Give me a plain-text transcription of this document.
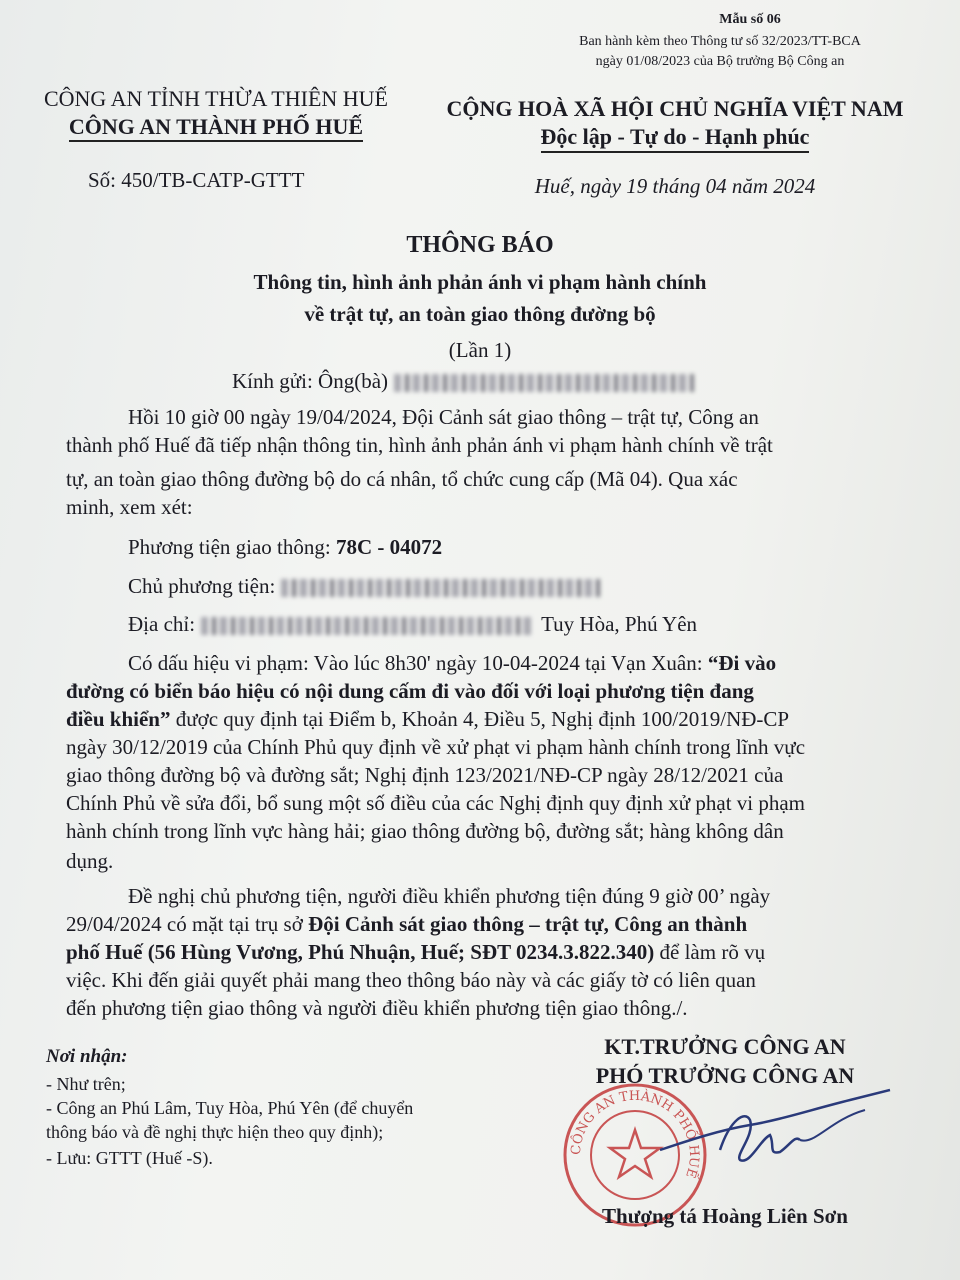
Mẫu số 06
Ban hành kèm theo Thông tư số 32/2023/TT-BCA
ngày 01/08/2023 của Bộ trưởng Bộ Công an
CÔNG AN TỈNH THỪA THIÊN HUẾ
CÔNG AN THÀNH PHỐ HUẾ
Số: 450/TB-CATP-GTTT
CỘNG HOÀ XÃ HỘI CHỦ NGHĨA VIỆT NAM
Độc lập - Tự do - Hạnh phúc
Huế, ngày 19 tháng 04 năm 2024
THÔNG BÁO
Thông tin, hình ảnh phản ánh vi phạm hành chính
về trật tự, an toàn giao thông đường bộ
(Lần 1)
Kính gửi: Ông(bà)
Hồi 10 giờ 00 ngày 19/04/2024, Đội Cảnh sát giao thông – trật tự, Công an
thành phố Huế đã tiếp nhận thông tin, hình ảnh phản ánh vi phạm hành chính về trật
tự, an toàn giao thông đường bộ do cá nhân, tổ chức cung cấp (Mã 04). Qua xác
minh, xem xét:
Phương tiện giao thông: 78C - 04072
Chủ phương tiện:
Địa chỉ:	Tuy Hòa, Phú Yên
Có dấu hiệu vi phạm: Vào lúc 8h30' ngày 10-04-2024 tại Vạn Xuân: “Đi vào
đường có biển báo hiệu có nội dung cấm đi vào đối với loại phương tiện đang
điều khiển” được quy định tại Điểm b, Khoản 4, Điều 5, Nghị định 100/2019/NĐ-CP
ngày 30/12/2019 của Chính Phủ quy định về xử phạt vi phạm hành chính trong lĩnh vực
giao thông đường bộ và đường sắt; Nghị định 123/2021/NĐ-CP ngày 28/12/2021 của
Chính Phủ về sửa đổi, bổ sung một số điều của các Nghị định quy định xử phạt vi phạm
hành chính trong lĩnh vực hàng hải; giao thông đường bộ, đường sắt; hàng không dân
dụng.
Đề nghị chủ phương tiện, người điều khiển phương tiện đúng 9 giờ 00’ ngày
29/04/2024 có mặt tại trụ sở Đội Cảnh sát giao thông – trật tự, Công an thành
phố Huế (56 Hùng Vương, Phú Nhuận, Huế; SĐT 0234.3.822.340) để làm rõ vụ
việc. Khi đến giải quyết phải mang theo thông báo này và các giấy tờ có liên quan
đến phương tiện giao thông và người điều khiển phương tiện giao thông./.
Nơi nhận:
- Như trên;
- Công an Phú Lâm, Tuy Hòa, Phú Yên (để chuyển
thông báo và đề nghị thực hiện theo quy định);
- Lưu: GTTT (Huế -S).
KT.TRƯỞNG CÔNG AN
PHÓ TRƯỞNG CÔNG AN
CÔNG AN THÀNH PHỐ HUẾ
Thượng tá Hoàng Liên Sơn
